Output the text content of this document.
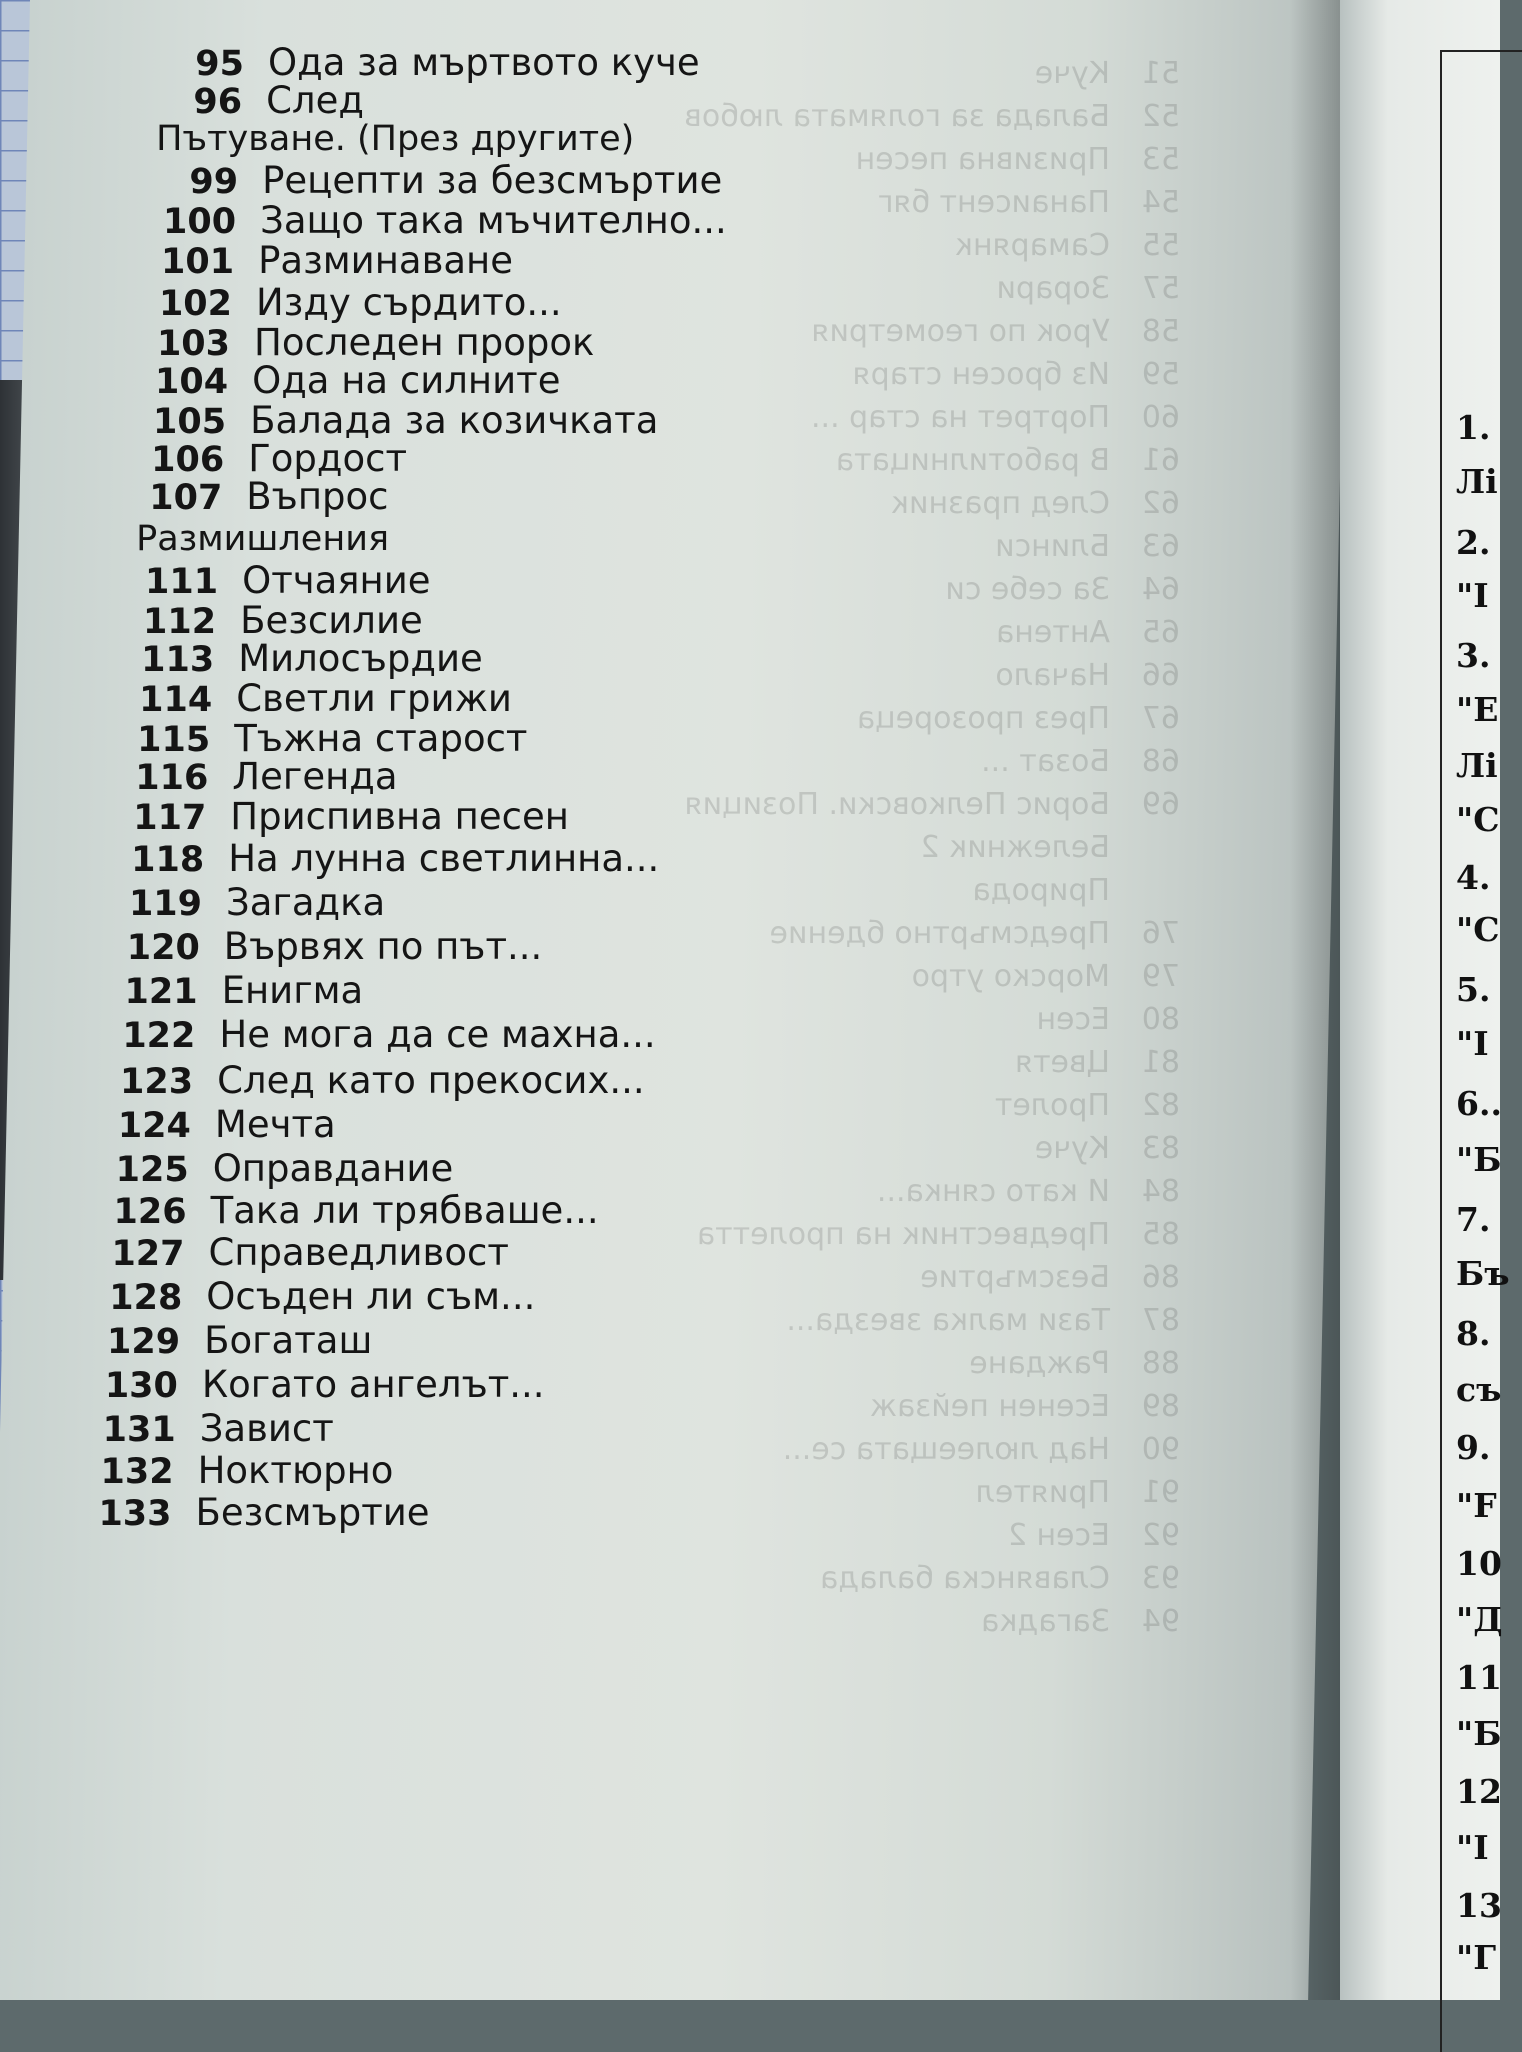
51Куче
52Балада за голямата любов
53Призивна песен
54Панаисент бяг
55Самарянк
57Зорари
58Урок по геометрия
59Из бросен старя
60Портрет на стар ...
61В работилницата
62След празник
63Блинси
64За себе си
65Антена
66Начало
67През прозореца
68Бозат ...
69Борис Пелковски. Позиция
Бележник 2
Природа
76Предсмъртно бдение
79Морско утро
80Есен
81Цветя
82Пролет
83Куче
84И като сянка...
85Предвестник на пролетта
86Безсмъртие
87Тази малка звезда...
88Раждане
89Есенен пейзаж
90Над люлеещата се...
91Приятел
92Есен 2
93Славянска балада
94Загадка
95 Ода за мъртвото куче
96 След
Пътуване. (През другите)
99 Рецепти за безсмъртие
100 Защо така мъчително...
101 Разминаване
102 Изду сърдито...
103 Последен пророк
104 Ода на силните
105 Балада за козичката
106 Гордост
107 Въпрос
Размишления
111 Отчаяние
112 Безсилие
113 Милосърдие
114 Светли грижи
115 Тъжна старост
116 Легенда
117 Приспивна песен
118 На лунна светлинна...
119 Загадка
120 Вървях по път...
121 Енигма
122 Не мога да се махна...
123 След като прекосих...
124 Мечта
125 Оправдание
126 Така ли трябваше...
127 Справедливост
128 Осъден ли съм...
129 Богаташ
130 Когато ангелът...
131 Завист
132 Ноктюрно
133 Безсмъртие
1.
Лі
2.
"I
3.
"E
Лі
"C
4.
"C
5.
"I
6..
"Б
7.
Бъ
8.
съ
9.
"F
10
"Д
11
"Б
12
"I
13
"Г
